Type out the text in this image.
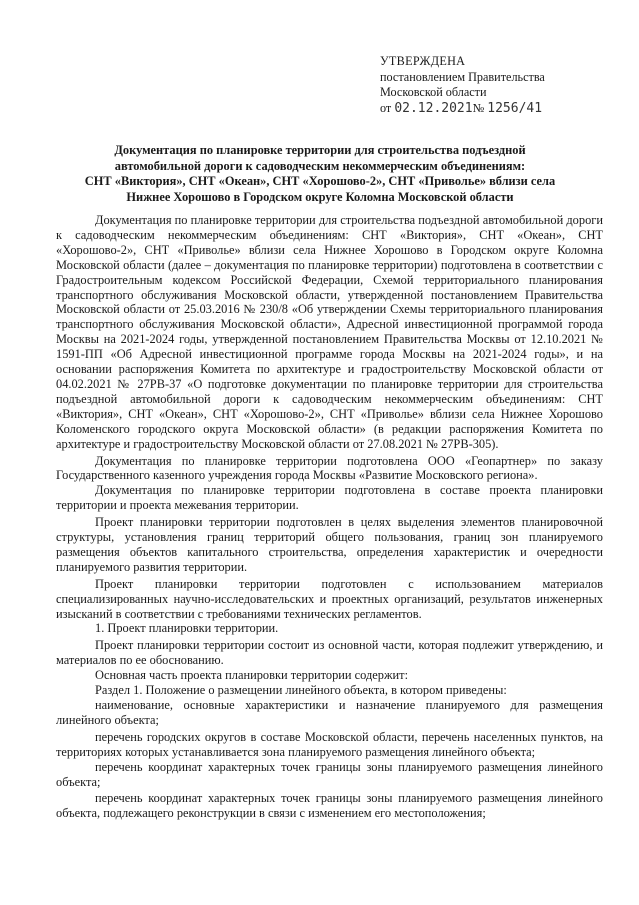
УТВЕРЖДЕНА
постановлением Правительства
Московской области
от 02.12.2021№ 1256/41
Документация по планировке территории для строительства подъездной
автомобильной дороги к садоводческим некоммерческим объединениям:
СНТ «Виктория», СНТ «Океан», СНТ «Хорошово-2», СНТ «Приволье» вблизи села
Нижнее Хорошово в Городском округе Коломна Московской области

Документация по планировке территории для строительства подъездной автомобильной дороги к садоводческим некоммерческим объединениям: СНТ «Виктория», СНТ «Океан», СНТ «Хорошово-2», СНТ «Приволье» вблизи села Нижнее Хорошово в Городском округе Коломна Московской области (далее – документация по планировке территории) подготовлена в соответствии с Градостроительным кодексом Российской Федерации, Схемой территориального планирования транспортного обслуживания Московской области, утвержденной постановлением Правительства Московской области от 25.03.2016 № 230/8 «Об утверждении Схемы территориального планирования транспортного обслуживания Московской области», Адресной инвестиционной программой города Москвы на 2021-2024 годы, утвержденной постановлением Правительства Москвы от 12.10.2021 № 1591-ПП «Об Адресной инвестиционной программе города Москвы на 2021-2024 годы», и на основании распоряжения Комитета по архитектуре и градостроительству Московской области от 04.02.2021 № 27РВ-37 «О подготовке документации по планировке территории для строительства подъездной автомобильной дороги к садоводческим некоммерческим объединениям: СНТ «Виктория», СНТ «Океан», СНТ «Хорошово-2», СНТ «Приволье» вблизи села Нижнее Хорошово Коломенского городского округа Московской области» (в редакции распоряжения Комитета по архитектуре и градостроительству Московской области от 27.08.2021 № 27РВ-305).

Документация по планировке территории подготовлена ООО «Геопартнер» по заказу Государственного казенного учреждения города Москвы «Развитие Московского региона».

Документация по планировке территории подготовлена в составе проекта планировки территории и проекта межевания территории.

Проект планировки территории подготовлен в целях выделения элементов планировочной структуры, установления границ территорий общего пользования, границ зон планируемого размещения объектов капитального строительства, определения характеристик и очередности планируемого развития территории.

Проект планировки территории подготовлен с использованием материалов специализированных научно-исследовательских и проектных организаций, результатов инженерных изысканий в соответствии с требованиями технических регламентов.

1. Проект планировки территории.

Проект планировки территории состоит из основной части, которая подлежит утверждению, и материалов по ее обоснованию.

Основная часть проекта планировки территории содержит:

Раздел 1. Положение о размещении линейного объекта, в котором приведены:

наименование, основные характеристики и назначение планируемого для размещения линейного объекта;

перечень городских округов в составе Московской области, перечень населенных пунктов, на территориях которых устанавливается зона планируемого размещения линейного объекта;

перечень координат характерных точек границы зоны планируемого размещения линейного объекта;

перечень координат характерных точек границы зоны планируемого размещения линейного объекта, подлежащего реконструкции в связи с изменением его местоположения;
